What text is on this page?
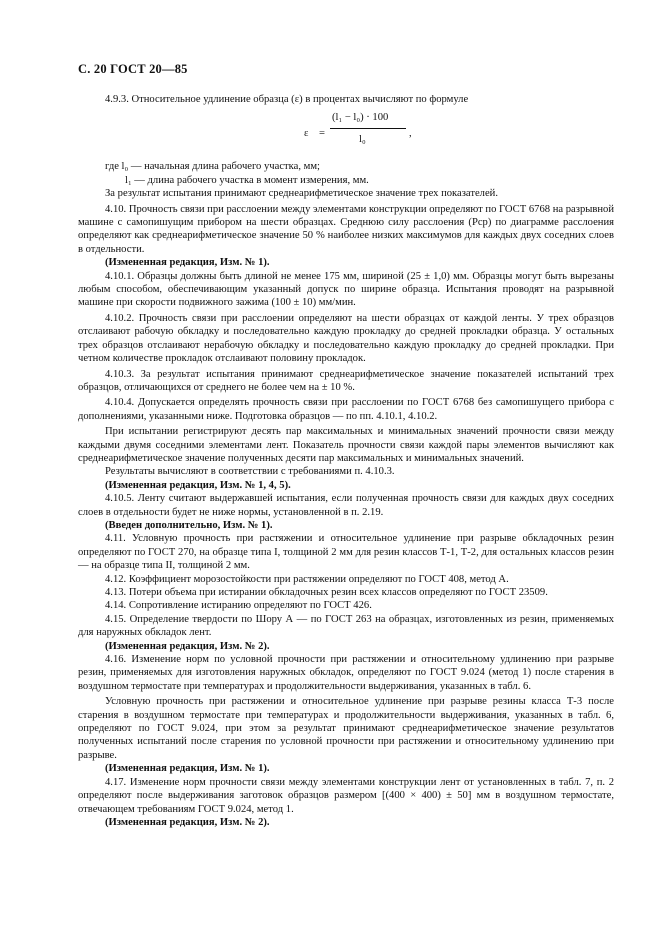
С. 20 ГОСТ 20—85

4.9.3. Относительное удлинение образца (ε) в процентах вычисляют по формуле

ε =
(l₁ − l₀) · 100
l₀
,
где l₀ — начальная длина рабочего участка, мм;
l₁ — длина рабочего участка в момент измерения, мм.

За результат испытания принимают среднеарифметическое значение трех показателей.

4.10. Прочность связи при расслоении между элементами конструкции определяют по ГОСТ 6768 на разрывной машине с самопишущим прибором на шести образцах. Среднюю силу расслоения (Pср) по диаграмме расслоения определяют как среднеарифметическое значение 50 % наиболее низких максимумов для каждых двух соседних слоев в отдельности.

(Измененная редакция, Изм. № 1).

4.10.1. Образцы должны быть длиной не менее 175 мм, шириной (25 ± 1,0) мм. Образцы могут быть вырезаны любым способом, обеспечивающим указанный допуск по ширине образца. Испытания проводят на разрывной машине при скорости подвижного зажима (100 ± 10) мм/мин.

4.10.2. Прочность связи при расслоении определяют на шести образцах от каждой ленты. У трех образцов отслаивают рабочую обкладку и последовательно каждую прокладку до средней прокладки образца. У остальных трех образцов отслаивают нерабочую обкладку и последовательно каждую прокладку до средней прокладки. При четном количестве прокладок отслаивают половину прокладок.

4.10.3. За результат испытания принимают среднеарифметическое значение показателей испытаний трех образцов, отличающихся от среднего не более чем на ± 10 %.

4.10.4. Допускается определять прочность связи при расслоении по ГОСТ 6768 без самопишущего прибора с дополнениями, указанными ниже. Подготовка образцов — по пп. 4.10.1, 4.10.2.

При испытании регистрируют десять пар максимальных и минимальных значений прочности связи между каждыми двумя соседними элементами лент. Показатель прочности связи каждой пары элементов вычисляют как среднеарифметическое значение полученных десяти пар максимальных и минимальных значений.

Результаты вычисляют в соответствии с требованиями п. 4.10.3.

(Измененная редакция, Изм. № 1, 4, 5).

4.10.5. Ленту считают выдержавшей испытания, если полученная прочность связи для каждых двух соседних слоев в отдельности будет не ниже нормы, установленной в п. 2.19.

(Введен дополнительно, Изм. № 1).

4.11. Условную прочность при растяжении и относительное удлинение при разрыве обкладочных резин определяют по ГОСТ 270, на образце типа I, толщиной 2 мм для резин классов Т-1, Т-2, для остальных классов резин — на образце типа II, толщиной 2 мм.

4.12. Коэффициент морозостойкости при растяжении определяют по ГОСТ 408, метод А.

4.13. Потери объема при истирании обкладочных резин всех классов определяют по ГОСТ 23509.

4.14. Сопротивление истиранию определяют по ГОСТ 426.

4.15. Определение твердости по Шору А — по ГОСТ 263 на образцах, изготовленных из резин, применяемых для наружных обкладок лент.

(Измененная редакция, Изм. № 2).

4.16. Изменение норм по условной прочности при растяжении и относительному удлинению при разрыве резин, применяемых для изготовления наружных обкладок, определяют по ГОСТ 9.024 (метод 1) после старения в воздушном термостате при температурах и продолжительности выдерживания, указанных в табл. 6.

Условную прочность при растяжении и относительное удлинение при разрыве резины класса Т-3 после старения в воздушном термостате при температурах и продолжительности выдерживания, указанных в табл. 6, определяют по ГОСТ 9.024, при этом за результат принимают среднеарифметическое значение результатов полученных испытаний после старения по условной прочности при растяжении и относительному удлинению при разрыве.

(Измененная редакция, Изм. № 1).

4.17. Изменение норм прочности связи между элементами конструкции лент от установленных в табл. 7, п. 2 определяют после выдерживания заготовок образцов размером [(400 × 400) ± 50] мм в воздушном термостате, отвечающем требованиям ГОСТ 9.024, метод 1.

(Измененная редакция, Изм. № 2).
